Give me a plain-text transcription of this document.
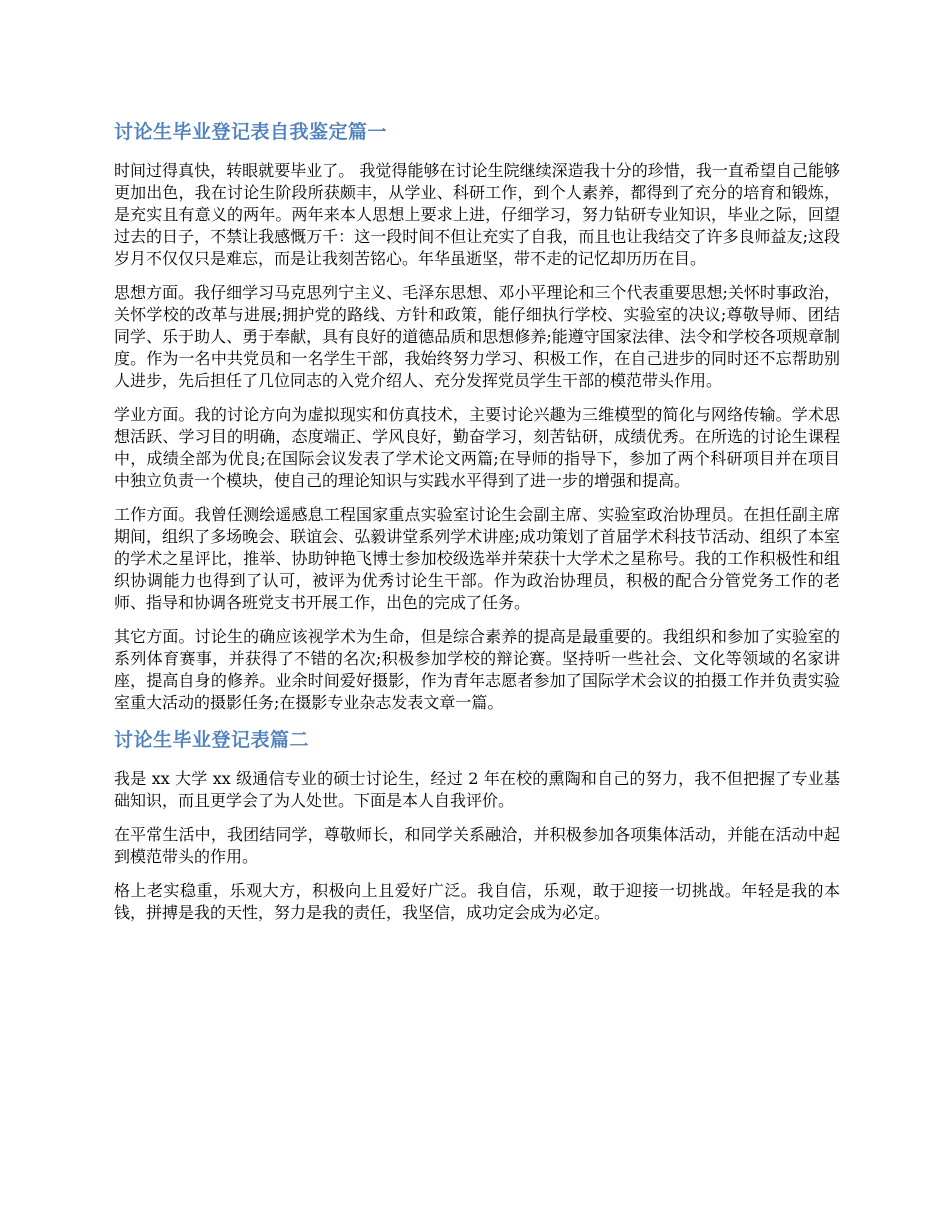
讨论生毕业登记表自我鉴定篇一

时间过得真快，转眼就要毕业了。 我觉得能够在讨论生院继续深造我十分的珍惜，我一直希望自己能够更加出色，我在讨论生阶段所获颇丰，从学业、科研工作，到个人素养，都得到了充分的培育和锻炼，是充实且有意义的两年。两年来本人思想上要求上进，仔细学习，努力钻研专业知识，毕业之际，回望过去的日子，不禁让我感慨万千：这一段时间不但让充实了自我，而且也让我结交了许多良师益友;这段岁月不仅仅只是难忘，而是让我刻苦铭心。年华虽逝坚，带不走的记忆却历历在目。

思想方面。我仔细学习马克思列宁主义、毛泽东思想、邓小平理论和三个代表重要思想;关怀时事政治，关怀学校的改革与进展;拥护党的路线、方针和政策，能仔细执行学校、实验室的决议;尊敬导师、团结同学、乐于助人、勇于奉献，具有良好的道德品质和思想修养;能遵守国家法律、法令和学校各项规章制度。作为一名中共党员和一名学生干部，我始终努力学习、积极工作，在自己进步的同时还不忘帮助别人进步，先后担任了几位同志的入党介绍人、充分发挥党员学生干部的模范带头作用。

学业方面。我的讨论方向为虚拟现实和仿真技术，主要讨论兴趣为三维模型的简化与网络传输。学术思想活跃、学习目的明确，态度端正、学风良好，勤奋学习，刻苦钻研，成绩优秀。在所选的讨论生课程中，成绩全部为优良;在国际会议发表了学术论文两篇;在导师的指导下，参加了两个科研项目并在项目中独立负责一个模块，使自己的理论知识与实践水平得到了进一步的增强和提高。

工作方面。我曾任测绘遥感息工程国家重点实验室讨论生会副主席、实验室政治协理员。在担任副主席期间，组织了多场晚会、联谊会、弘毅讲堂系列学术讲座;成功策划了首届学术科技节活动、组织了本室的学术之星评比，推举、协助钟艳飞博士参加校级选举并荣获十大学术之星称号。我的工作积极性和组织协调能力也得到了认可，被评为优秀讨论生干部。作为政治协理员，积极的配合分管党务工作的老师、指导和协调各班党支书开展工作，出色的完成了任务。

其它方面。讨论生的确应该视学术为生命，但是综合素养的提高是最重要的。我组织和参加了实验室的系列体育赛事，并获得了不错的名次;积极参加学校的辩论赛。坚持听一些社会、文化等领域的名家讲座，提高自身的修养。业余时间爱好摄影，作为青年志愿者参加了国际学术会议的拍摄工作并负责实验室重大活动的摄影任务;在摄影专业杂志发表文章一篇。

讨论生毕业登记表篇二

我是 xx 大学 xx 级通信专业的硕士讨论生，经过 2 年在校的熏陶和自己的努力，我不但把握了专业基础知识，而且更学会了为人处世。下面是本人自我评价。

在平常生活中，我团结同学，尊敬师长，和同学关系融洽，并积极参加各项集体活动，并能在活动中起到模范带头的作用。

格上老实稳重，乐观大方，积极向上且爱好广泛。我自信，乐观，敢于迎接一切挑战。年轻是我的本钱，拼搏是我的天性，努力是我的责任，我坚信，成功定会成为必定。
